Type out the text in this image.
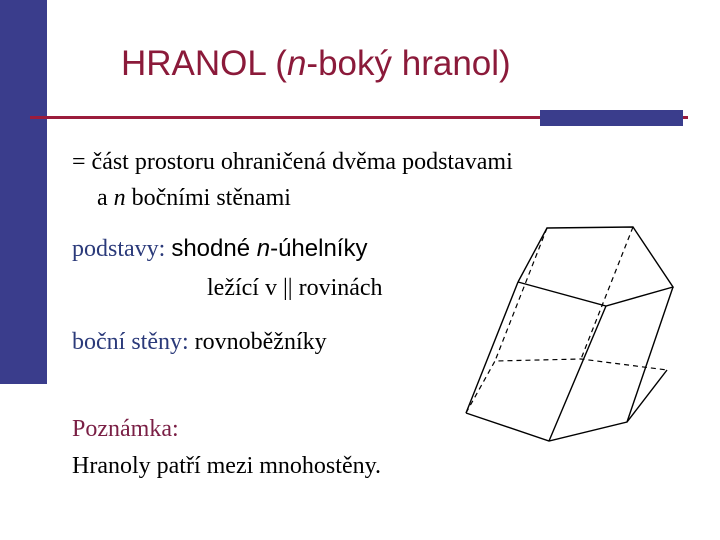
HRANOL (n-boký hranol)
= část prostoru ohraničená dvěma podstavami
a n bočními stěnami
podstavy: shodné n-úhelníky
ležící v || rovinách
boční stěny: rovnoběžníky
Poznámka:
Hranoly patří mezi mnohostěny.
